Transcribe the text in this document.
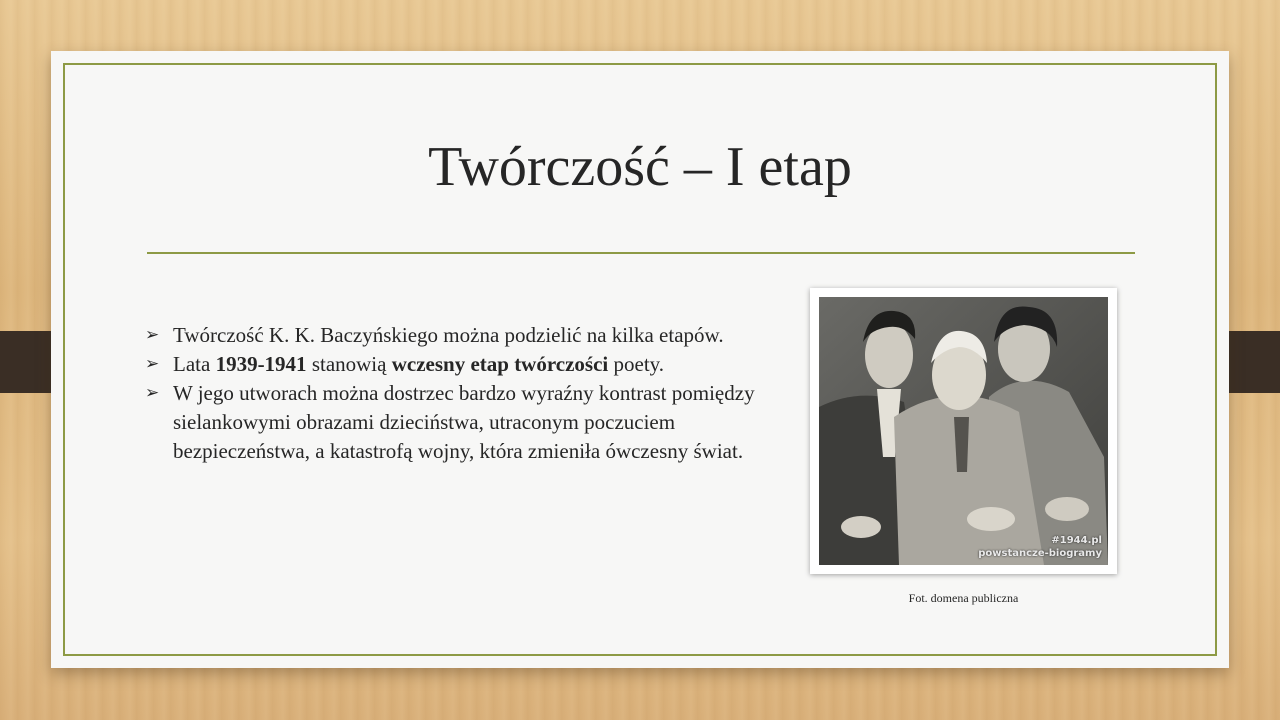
Twórczość – I etap
➢ Twórczość K. K. Baczyńskiego można podzielić na kilka etapów.
➢ Lata 1939-1941 stanowią wczesny etap twórczości poety.
➢ W jego utworach można dostrzec bardzo wyraźny kontrast pomiędzy sielankowymi obrazami dzieciństwa, utraconym poczuciem bezpieczeństwa, a katastrofą wojny, która zmieniła ówczesny świat.
#1944.pl
powstancze-biogramy
Fot. domena publiczna
